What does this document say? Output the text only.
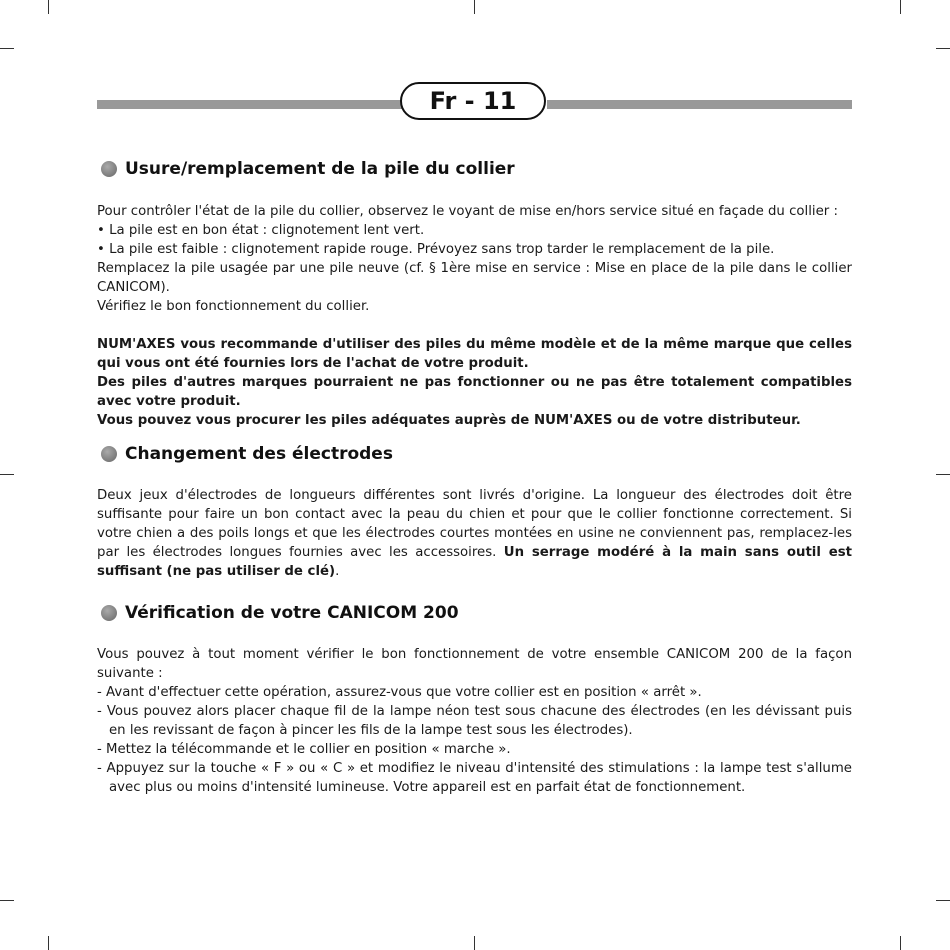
Fr - 11
Usure/remplacement de la pile du collier

Pour contrôler l'état de la pile du collier, observez le voyant de mise en/hors service situé en façade du collier :

• La pile est en bon état : clignotement lent vert.

• La pile est faible : clignotement rapide rouge. Prévoyez sans trop tarder le remplacement de la pile.

Remplacez la pile usagée par une pile neuve (cf. § 1ère mise en service : Mise en place de la pile dans le collier CANICOM).

Vérifiez le bon fonctionnement du collier.

NUM'AXES vous recommande d'utiliser des piles du même modèle et de la même marque que celles qui vous ont été fournies lors de l'achat de votre produit.

Des piles d'autres marques pourraient ne pas fonctionner ou ne pas être totalement compatibles avec votre produit.

Vous pouvez vous procurer les piles adéquates auprès de NUM'AXES ou de votre distributeur.

Changement des électrodes

Deux jeux d'électrodes de longueurs différentes sont livrés d'origine. La longueur des électrodes doit être suffisante pour faire un bon contact avec la peau du chien et pour que le collier fonctionne correctement. Si votre chien a des poils longs et que les électrodes courtes montées en usine ne conviennent pas, remplacez-les par les électrodes longues fournies avec les accessoires. Un serrage modéré à la main sans outil est suffisant (ne pas utiliser de clé).

Vérification de votre CANICOM 200

Vous pouvez à tout moment vérifier le bon fonctionnement de votre ensemble CANICOM 200 de la façon suivante :

- Avant d'effectuer cette opération, assurez-vous que votre collier est en position « arrêt ».

- Vous pouvez alors placer chaque fil de la lampe néon test sous chacune des électrodes (en les dévissant puis en les revissant de façon à pincer les fils de la lampe test sous les électrodes).

- Mettez la télécommande et le collier en position « marche ».

- Appuyez sur la touche « F » ou « C » et modifiez le niveau d'intensité des stimulations : la lampe test s'allume avec plus ou moins d'intensité lumineuse. Votre appareil est en parfait état de fonctionnement.
